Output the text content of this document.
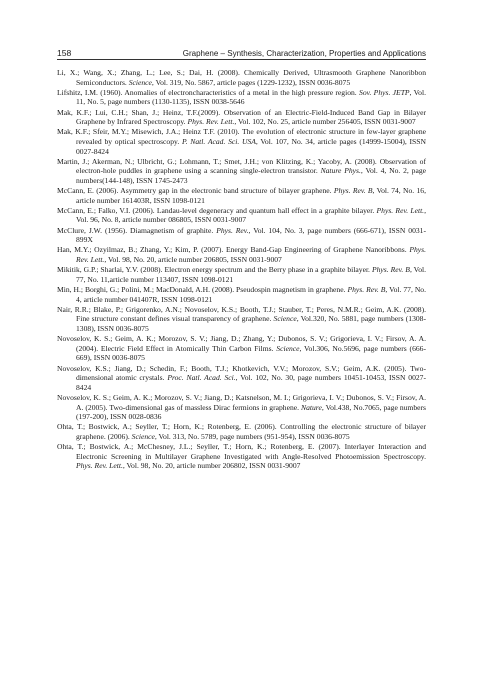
158	Graphene – Synthesis, Characterization, Properties and Applications

Li, X.; Wang, X.; Zhang, L.; Lee, S.; Dai, H. (2008). Chemically Derived, Ultrasmooth Graphene Nanoribbon Semiconductors. Science, Vol. 319, No. 5867, article pages (1229-1232), ISSN 0036-8075

Lifshitz, I.M. (1960). Anomalies of electroncharacteristics of a metal in the high pressure region. Sov. Phys. JETP, Vol. 11, No. 5, page numbers (1130-1135), ISSN 0038-5646

Mak, K.F.; Lui, C.H.; Shan, J.; Heinz, T.F.(2009). Observation of an Electric-Field-Induced Band Gap in Bilayer Graphene by Infrared Spectroscopy. Phys. Rev. Lett., Vol. 102, No. 25, article number 256405, ISSN 0031-9007

Mak, K.F.; Sfeir, M.Y.; Misewich, J.A.; Heinz T.F. (2010). The evolution of electronic structure in few-layer graphene revealed by optical spectroscopy. P. Natl. Acad. Sci. USA, Vol. 107, No. 34, article pages (14999-15004), ISSN 0027-8424

Martin, J.; Akerman, N.; Ulbricht, G.; Lohmann, T.; Smet, J.H.; von Klitzing, K.; Yacoby, A. (2008). Observation of electron-hole puddles in graphene using a scanning single-electron transistor. Nature Phys., Vol. 4, No. 2, page numbers(144-148), ISSN 1745-2473

McCann, E. (2006). Asymmetry gap in the electronic band structure of bilayer graphene. Phys. Rev. B, Vol. 74, No. 16, article number 161403R, ISSN 1098-0121

McCann, E.; Falko, V.I. (2006). Landau-level degeneracy and quantum hall effect in a graphite bilayer. Phys. Rev. Lett., Vol. 96, No. 8, article number 086805, ISSN 0031-9007

McClure, J.W. (1956). Diamagnetism of graphite. Phys. Rev., Vol. 104, No. 3, page numbers (666-671), ISSN 0031-899X

Han, M.Y.; Ozyilmaz, B.; Zhang, Y.; Kim, P. (2007). Energy Band-Gap Engineering of Graphene Nanoribbons. Phys. Rev. Lett., Vol. 98, No. 20, article number 206805, ISSN 0031-9007

Mikitik, G.P.; Sharlai, Y.V. (2008). Electron energy spectrum and the Berry phase in a graphite bilayer. Phys. Rev. B, Vol. 77, No. 11,article number 113407, ISSN 1098-0121

Min, H.; Borghi, G.; Polini, M.; MacDonald, A.H. (2008). Pseudospin magnetism in graphene. Phys. Rev. B, Vol. 77, No. 4, article number 041407R, ISSN 1098-0121

Nair, R.R.; Blake, P.; Grigorenko, A.N.; Novoselov, K.S.; Booth, T.J.; Stauber, T.; Peres, N.M.R.; Geim, A.K. (2008). Fine structure constant defines visual transparency of graphene. Science, Vol.320, No. 5881, page numbers (1308-1308), ISSN 0036-8075

Novoselov, K. S.; Geim, A. K.; Morozov, S. V.; Jiang, D.; Zhang, Y.; Dubonos, S. V.; Grigorieva, I. V.; Firsov, A. A. (2004). Electric Field Effect in Atomically Thin Carbon Films. Science, Vol.306, No.5696, page numbers (666-669), ISSN 0036-8075

Novoselov, K.S.; Jiang, D.; Schedin, F.; Booth, T.J.; Khotkevich, V.V.; Morozov, S.V.; Geim, A.K. (2005). Two-dimensional atomic crystals. Proc. Natl. Acad. Sci., Vol. 102, No. 30, page numbers 10451-10453, ISSN 0027-8424

Novoselov, K. S.; Geim, A. K.; Morozov, S. V.; Jiang, D.; Katsnelson, M. I.; Grigorieva, I. V.; Dubonos, S. V.; Firsov, A. A. (2005). Two-dimensional gas of massless Dirac fermions in graphene. Nature, Vol.438, No.7065, page numbers (197-200), ISSN 0028-0836

Ohta, T.; Bostwick, A.; Seyller, T.; Horn, K.; Rotenberg, E. (2006). Controlling the electronic structure of bilayer graphene. (2006). Science, Vol. 313, No. 5789, page numbers (951-954), ISSN 0036-8075

Ohta, T.; Bostwick, A.; McChesney, J.L.; Seyller, T.; Horn, K.; Rotenberg, E. (2007). Interlayer Interaction and Electronic Screening in Multilayer Graphene Investigated with Angle-Resolved Photoemission Spectroscopy. Phys. Rev. Lett., Vol. 98, No. 20, article number 206802, ISSN 0031-9007
